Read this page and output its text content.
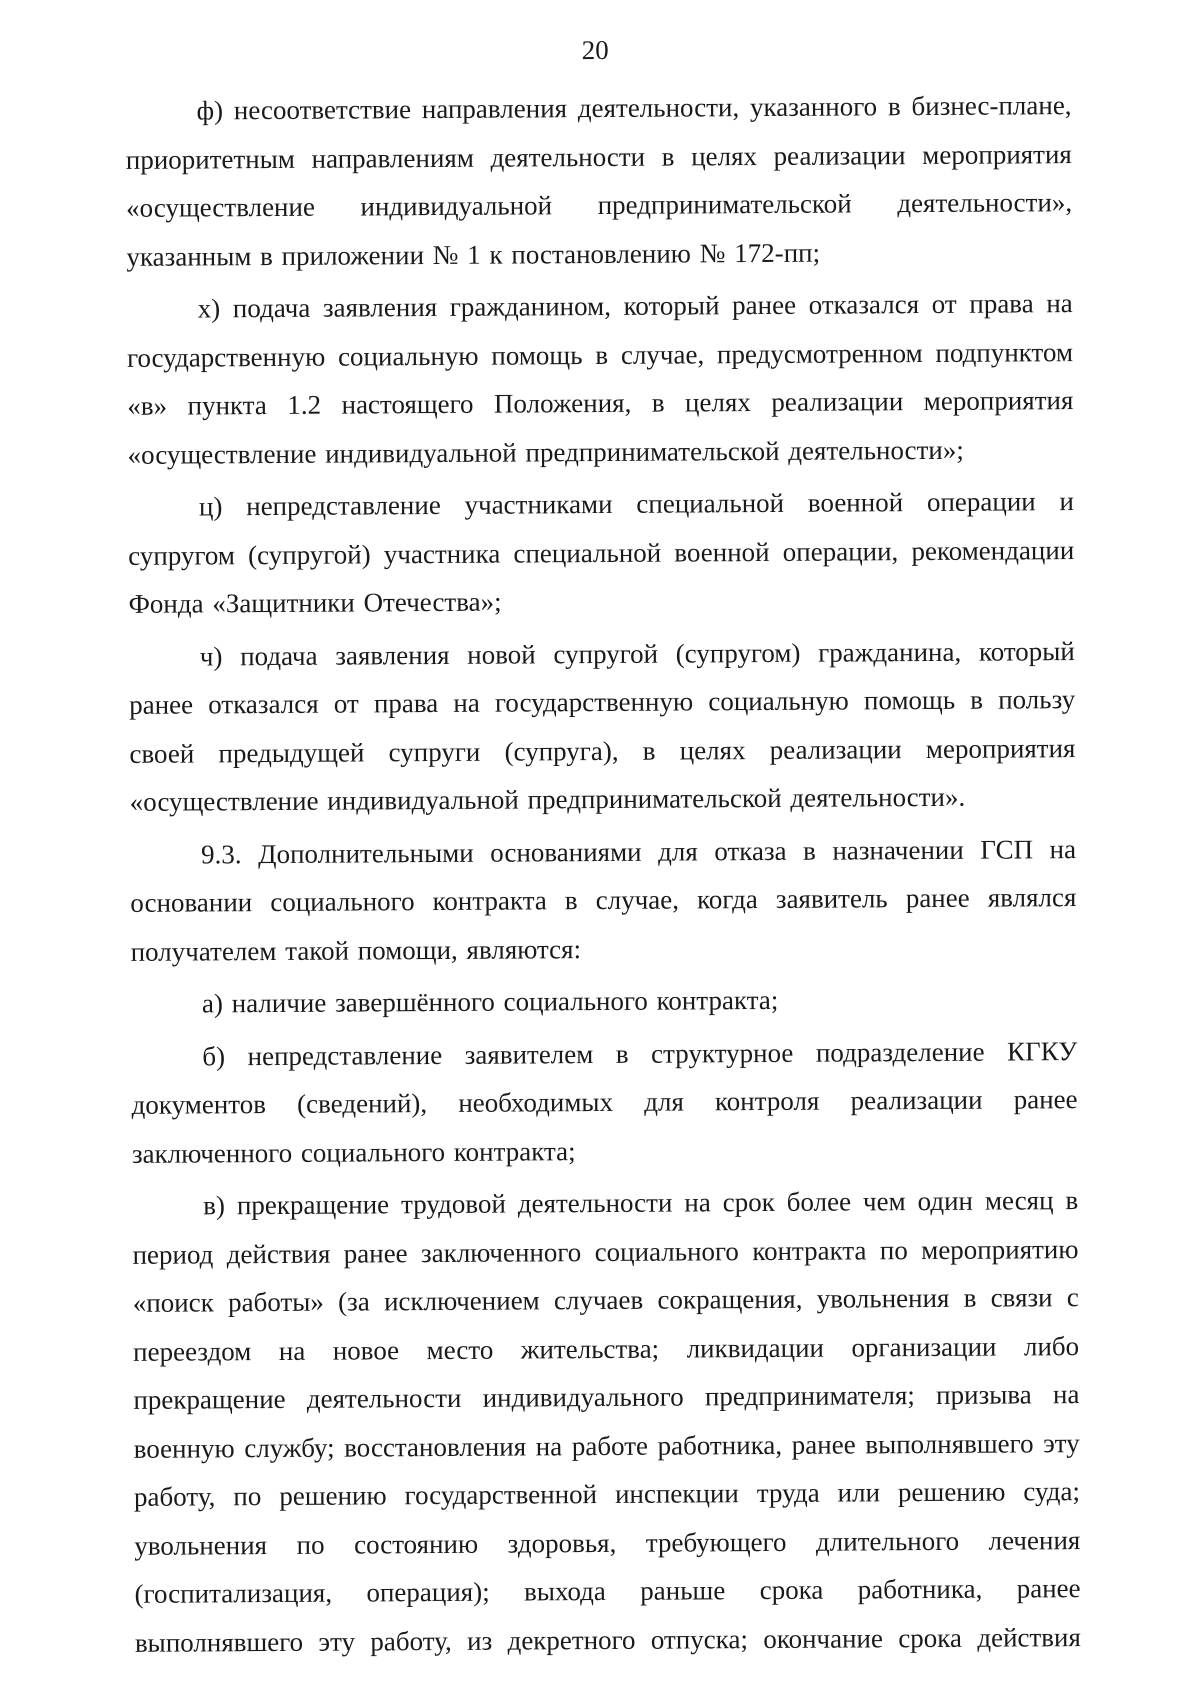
20

ф) несоответствие направления деятельности, указанного в бизнес-плане, приоритетным направлениям деятельности в целях реализации мероприятия «осуществление индивидуальной предпринимательской деятельности», указанным в приложении № 1 к постановлению № 172-пп;

х) подача заявления гражданином, который ранее отказался от права на государственную социальную помощь в случае, предусмотренном подпунктом «в» пункта 1.2 настоящего Положения, в целях реализации мероприятия «осуществление индивидуальной предпринимательской деятельности»;

ц) непредставление участниками специальной военной операции и супругом (супругой) участника специальной военной операции, рекомендации Фонда «Защитники Отечества»;

ч) подача заявления новой супругой (супругом) гражданина, который ранее отказался от права на государственную социальную помощь в пользу своей предыдущей супруги (супруга), в целях реализации мероприятия «осуществление индивидуальной предпринимательской деятельности».

9.3. Дополнительными основаниями для отказа в назначении ГСП на основании социального контракта в случае, когда заявитель ранее являлся получателем такой помощи, являются:

а) наличие завершённого социального контракта;

б) непредставление заявителем в структурное подразделение КГКУ документов (сведений), необходимых для контроля реализации ранее заключенного социального контракта;

в) прекращение трудовой деятельности на срок более чем один месяц в период действия ранее заключенного социального контракта по мероприятию «поиск работы» (за исключением случаев сокращения, увольнения в связи с переездом на новое место жительства; ликвидации организации либо прекращение деятельности индивидуального предпринимателя; призыва на военную службу; восстановления на работе работника, ранее выполнявшего эту работу, по решению государственной инспекции труда или решению суда; увольнения по состоянию здоровья, требующего длительного лечения (госпитализация, операция); выхода раньше срока работника, ранее выполнявшего эту работу, из декретного отпуска; окончание срока действия
